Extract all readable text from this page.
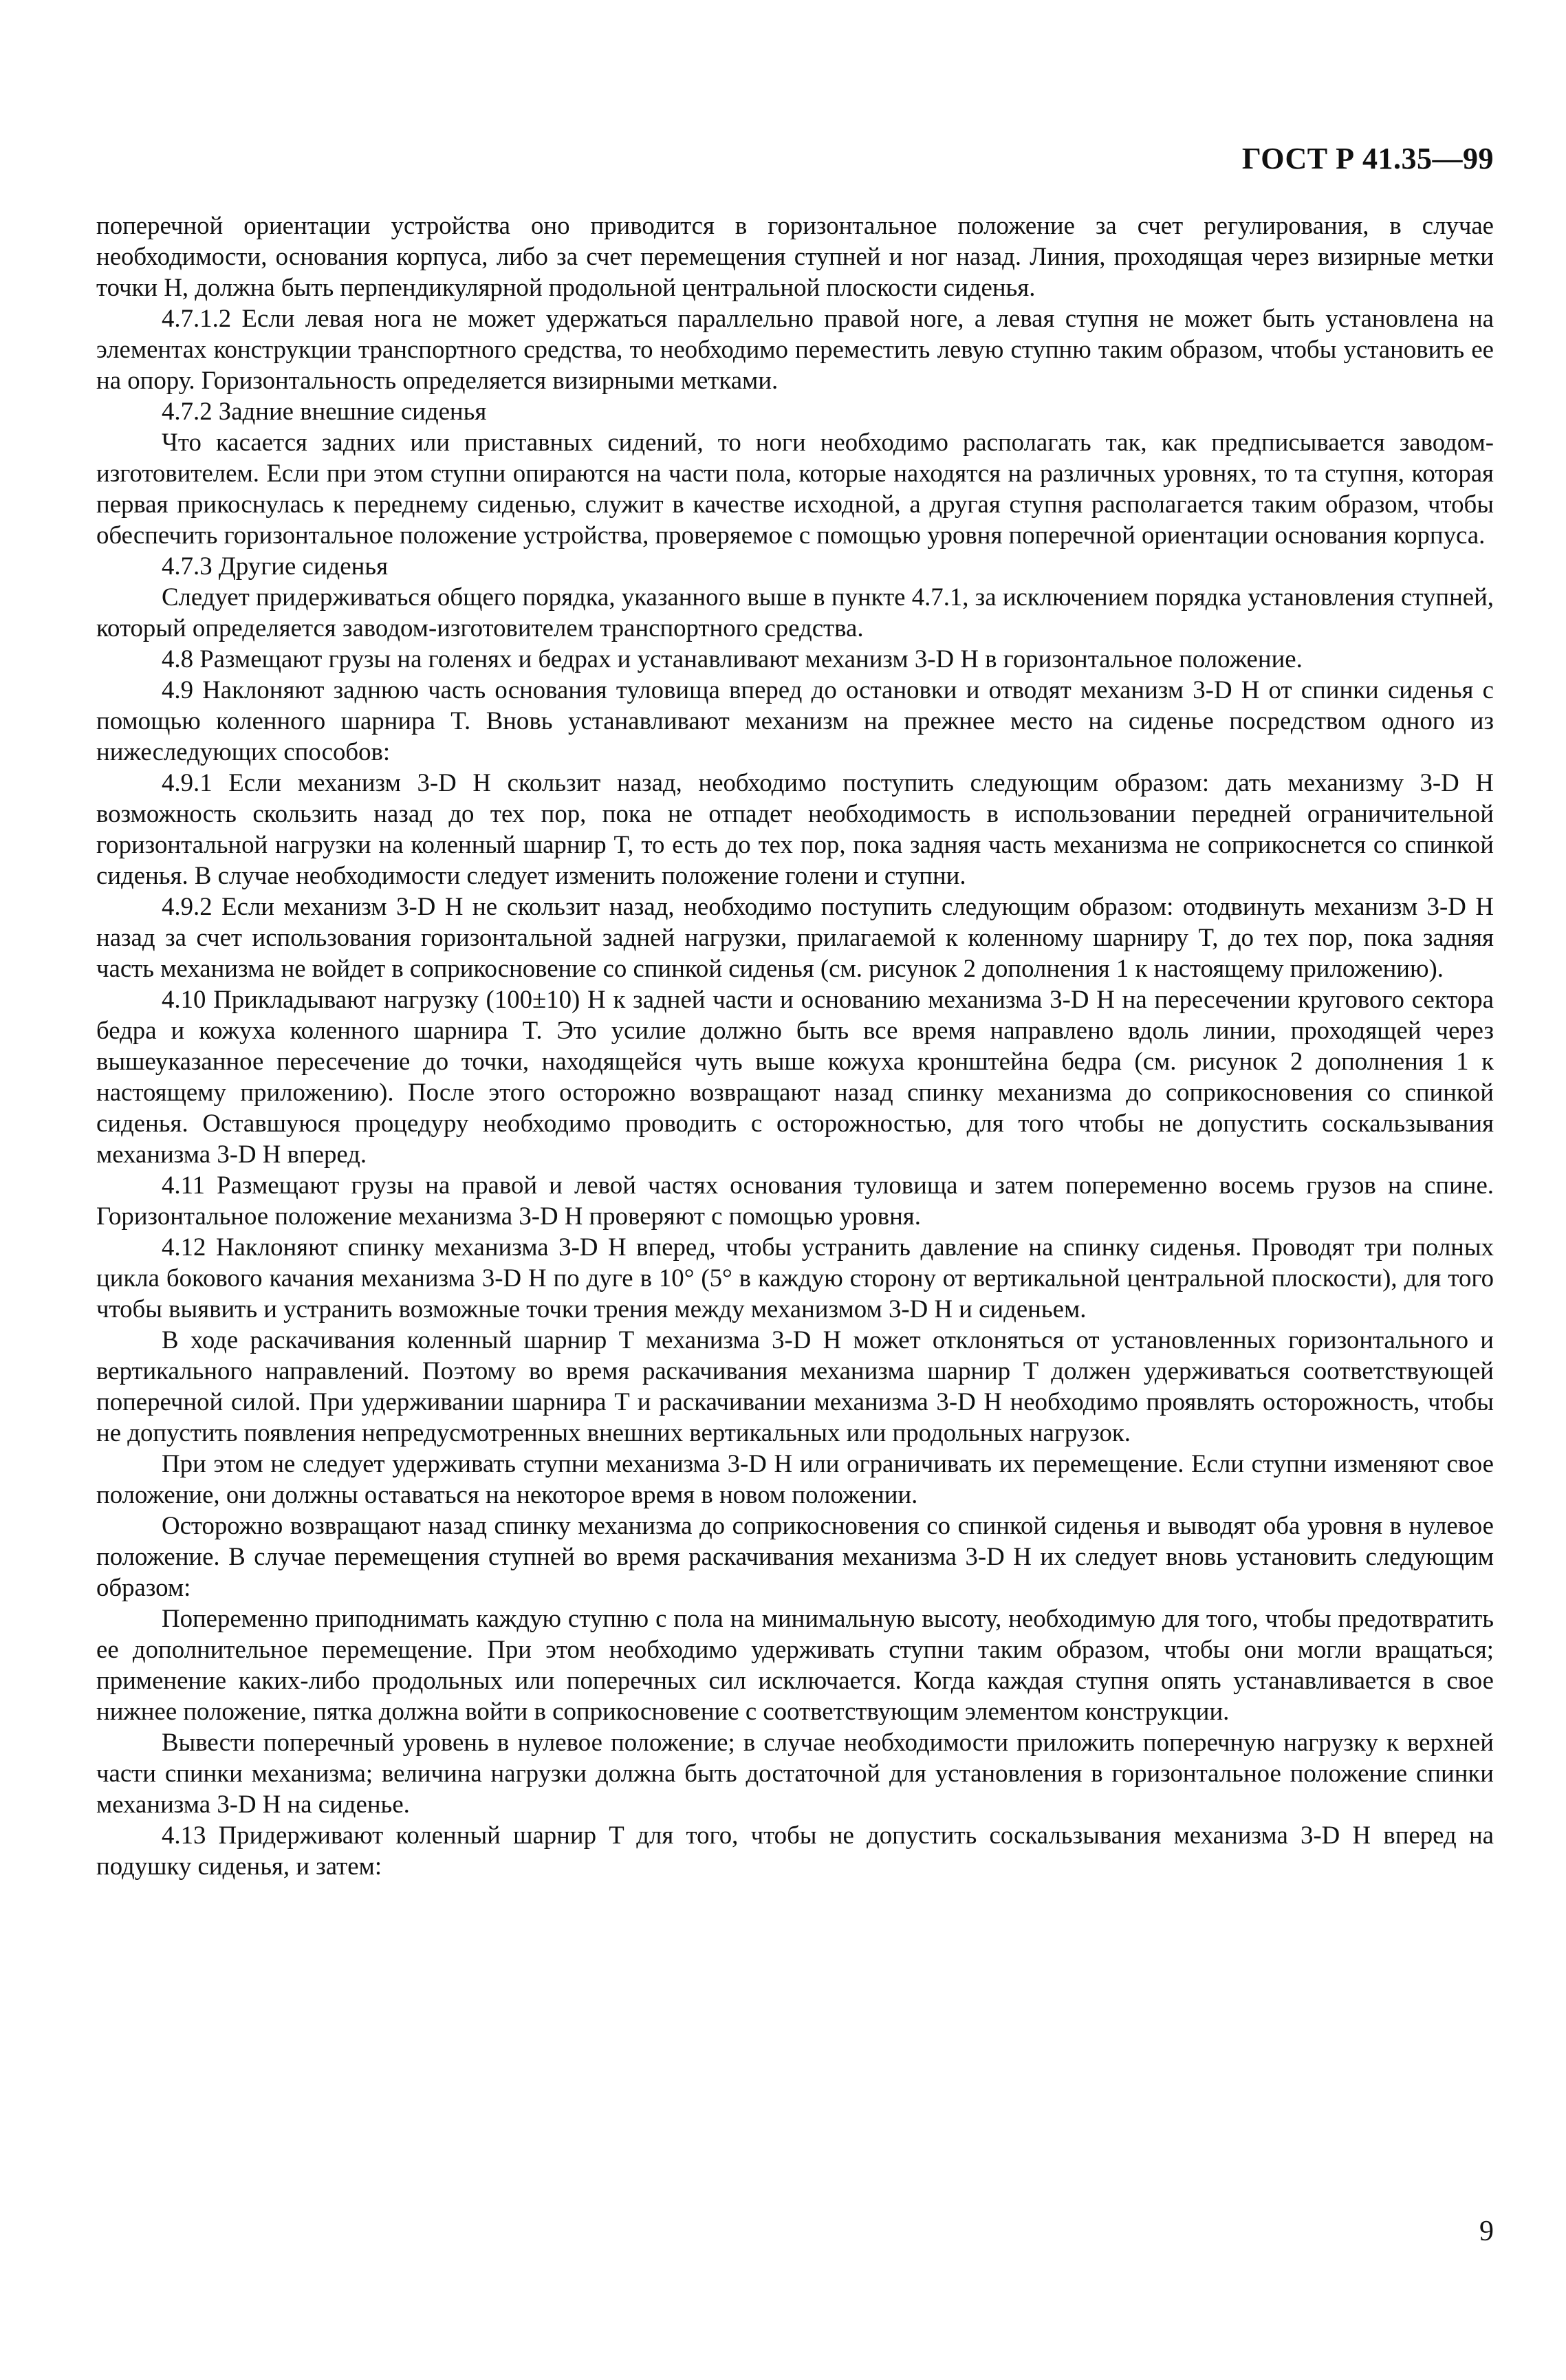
ГОСТ Р 41.35—99

поперечной ориентации устройства оно приводится в горизонтальное положение за счет регулирования, в случае необходимости, основания корпуса, либо за счет перемещения ступней и ног назад. Линия, проходящая через визирные метки точки Н, должна быть перпендикулярной продольной центральной плоскости сиденья.

4.7.1.2 Если левая нога не может удержаться параллельно правой ноге, а левая ступня не может быть установлена на элементах конструкции транспортного средства, то необходимо переместить левую ступню таким образом, чтобы установить ее на опору. Горизонтальность определяется визирными метками.

4.7.2 Задние внешние сиденья

Что касается задних или приставных сидений, то ноги необходимо располагать так, как предписывается заводом-изготовителем. Если при этом ступни опираются на части пола, которые находятся на различных уровнях, то та ступня, которая первая прикоснулась к переднему сиденью, служит в качестве исходной, а другая ступня располагается таким образом, чтобы обеспечить горизонтальное положение устройства, проверяемое с помощью уровня поперечной ориентации основания корпуса.

4.7.3 Другие сиденья

Следует придерживаться общего порядка, указанного выше в пункте 4.7.1, за исключением порядка установления ступней, который определяется заводом-изготовителем транспортного средства.

4.8 Размещают грузы на голенях и бедрах и устанавливают механизм 3-D H в горизонтальное положение.

4.9 Наклоняют заднюю часть основания туловища вперед до остановки и отводят механизм 3-D H от спинки сиденья с помощью коленного шарнира T. Вновь устанавливают механизм на прежнее место на сиденье посредством одного из нижеследующих способов:

4.9.1 Если механизм 3-D H скользит назад, необходимо поступить следующим образом: дать механизму 3-D H возможность скользить назад до тех пор, пока не отпадет необходимость в использовании передней ограничительной горизонтальной нагрузки на коленный шарнир T, то есть до тех пор, пока задняя часть механизма не соприкоснется со спинкой сиденья. В случае необходимости следует изменить положение голени и ступни.

4.9.2 Если механизм 3-D H не скользит назад, необходимо поступить следующим образом: отодвинуть механизм 3-D H назад за счет использования горизонтальной задней нагрузки, прилагаемой к коленному шарниру T, до тех пор, пока задняя часть механизма не войдет в соприкосновение со спинкой сиденья (см. рисунок 2 дополнения 1 к настоящему приложению).

4.10 Прикладывают нагрузку (100±10) Н к задней части и основанию механизма 3-D H на пересечении кругового сектора бедра и кожуха коленного шарнира T. Это усилие должно быть все время направлено вдоль линии, проходящей через вышеуказанное пересечение до точки, находящейся чуть выше кожуха кронштейна бедра (см. рисунок 2 дополнения 1 к настоящему приложению). После этого осторожно возвращают назад спинку механизма до соприкосновения со спинкой сиденья. Оставшуюся процедуру необходимо проводить с осторожностью, для того чтобы не допустить соскальзывания механизма 3-D H вперед.

4.11 Размещают грузы на правой и левой частях основания туловища и затем попеременно восемь грузов на спине. Горизонтальное положение механизма 3-D H проверяют с помощью уровня.

4.12 Наклоняют спинку механизма 3-D H вперед, чтобы устранить давление на спинку сиденья. Проводят три полных цикла бокового качания механизма 3-D H по дуге в 10° (5° в каждую сторону от вертикальной центральной плоскости), для того чтобы выявить и устранить возможные точки трения между механизмом 3-D H и сиденьем.

В ходе раскачивания коленный шарнир T механизма 3-D H может отклоняться от установленных горизонтального и вертикального направлений. Поэтому во время раскачивания механизма шарнир T должен удерживаться соответствующей поперечной силой. При удерживании шарнира T и раскачивании механизма 3-D H необходимо проявлять осторожность, чтобы не допустить появления непредусмотренных внешних вертикальных или продольных нагрузок.

При этом не следует удерживать ступни механизма 3-D H или ограничивать их перемещение. Если ступни изменяют свое положение, они должны оставаться на некоторое время в новом положении.

Осторожно возвращают назад спинку механизма до соприкосновения со спинкой сиденья и выводят оба уровня в нулевое положение. В случае перемещения ступней во время раскачивания механизма 3-D H их следует вновь установить следующим образом:

Попеременно приподнимать каждую ступню с пола на минимальную высоту, необходимую для того, чтобы предотвратить ее дополнительное перемещение. При этом необходимо удерживать ступни таким образом, чтобы они могли вращаться; применение каких-либо продольных или поперечных сил исключается. Когда каждая ступня опять устанавливается в свое нижнее положение, пятка должна войти в соприкосновение с соответствующим элементом конструкции.

Вывести поперечный уровень в нулевое положение; в случае необходимости приложить поперечную нагрузку к верхней части спинки механизма; величина нагрузки должна быть достаточной для установления в горизонтальное положение спинки механизма 3-D H на сиденье.

4.13 Придерживают коленный шарнир T для того, чтобы не допустить соскальзывания механизма 3-D H вперед на подушку сиденья, и затем:

9
